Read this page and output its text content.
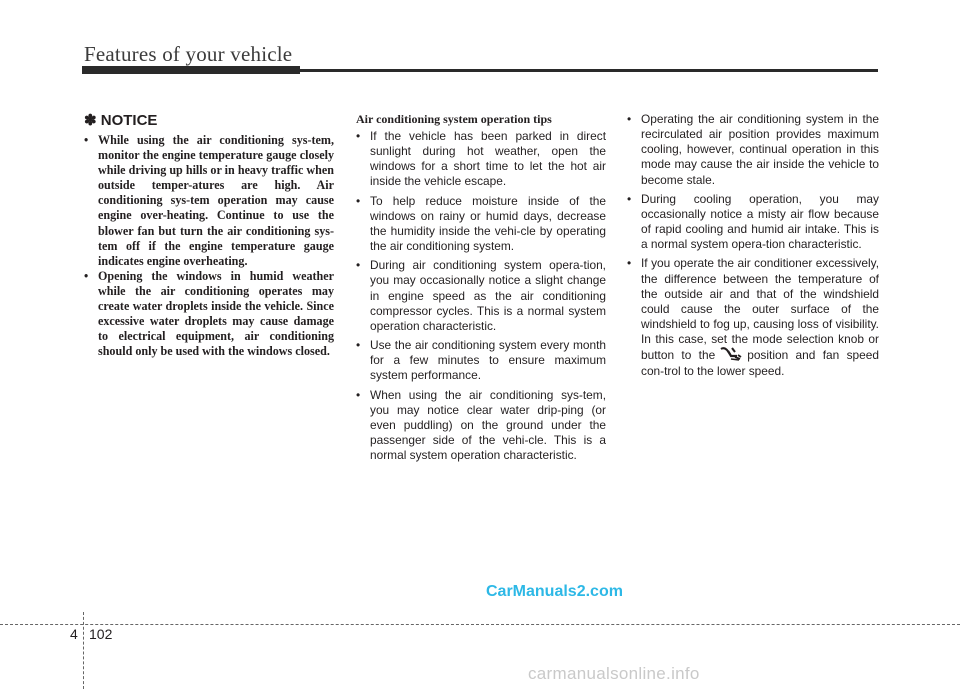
Features of your vehicle
✽ NOTICE
• While using the air conditioning sys-tem, monitor the engine temperature gauge closely while driving up hills or in heavy traffic when outside temper-atures are high. Air conditioning sys-tem operation may cause engine over-heating. Continue to use the blower fan but turn the air conditioning sys-tem off if the engine temperature gauge indicates engine overheating.
• Opening the windows in humid weather while the air conditioning operates may create water droplets inside the vehicle. Since excessive water droplets may cause damage to electrical equipment, air conditioning should only be used with the windows closed.
Air conditioning system operation tips
• If the vehicle has been parked in direct sunlight during hot weather, open the windows for a short time to let the hot air inside the vehicle escape.
• To help reduce moisture inside of the windows on rainy or humid days, decrease the humidity inside the vehi-cle by operating the air conditioning system.
• During air conditioning system opera-tion, you may occasionally notice a slight change in engine speed as the air conditioning compressor cycles. This is a normal system operation characteristic.
• Use the air conditioning system every month for a few minutes to ensure maximum system performance.
• When using the air conditioning sys-tem, you may notice clear water drip-ping (or even puddling) on the ground under the passenger side of the vehi-cle. This is a normal system operation characteristic.
• Operating the air conditioning system in the recirculated air position provides maximum cooling, however, continual operation in this mode may cause the air inside the vehicle to become stale.
• During cooling operation, you may occasionally notice a misty air flow because of rapid cooling and humid air intake. This is a normal system opera-tion characteristic.
• If you operate the air conditioner excessively, the difference between the temperature of the outside air and that of the windshield could cause the outer surface of the windshield to fog up, causing loss of visibility. In this case, set the mode selection knob or button to the	position and fan speed con-trol to the lower speed.
CarManuals2.com
4 102
carmanualsonline.info
